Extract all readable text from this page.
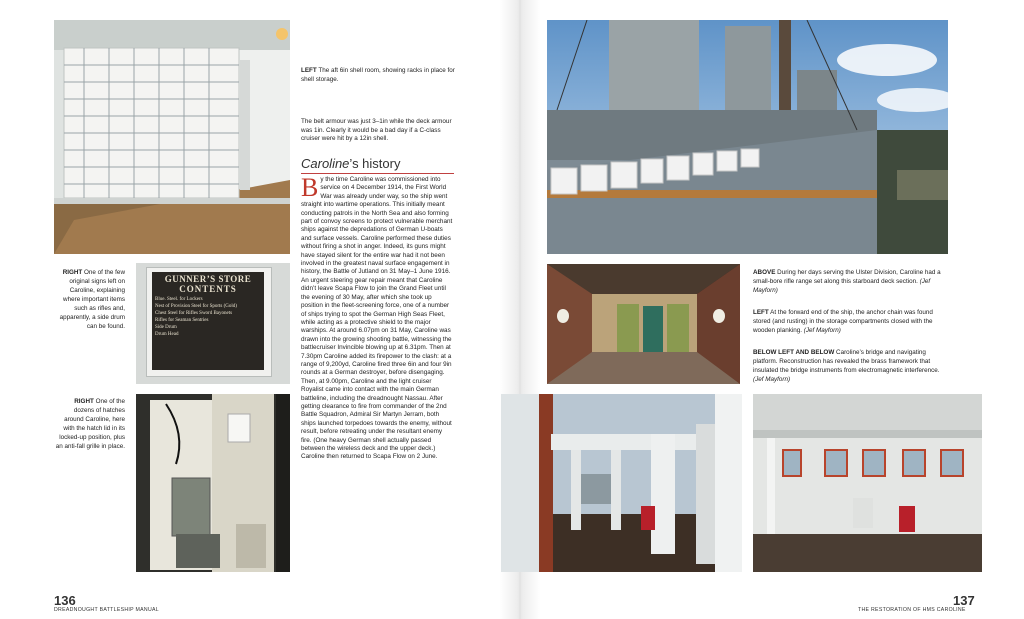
LEFT The aft 6in shell room, showing racks in place for shell storage.
The belt armour was just 3–1in while the deck armour was 1in. Clearly it would be a bad day if a C-class cruiser were hit by a 12in shell.
Caroline’s history
By the time Caroline was commissioned into service on 4 December 1914, the First World War was already under way, so the ship went straight into wartime operations. This initially meant conducting patrols in the North Sea and also forming part of convoy screens to protect vulnerable merchant ships against the depredations of German U-boats and surface vessels. Caroline performed these duties without firing a shot in anger. Indeed, its guns might have stayed silent for the entire war had it not been involved in the greatest naval surface engagement in history, the Battle of Jutland on 31 May–1 June 1916. An urgent steering gear repair meant that Caroline didn’t leave Scapa Flow to join the Grand Fleet until the evening of 30 May, after which she took up position in the fleet-screening force, one of a number of ships trying to spot the German High Seas Fleet, while acting as a protective shield to the major warships. At around 6.07pm on 31 May, Caroline was drawn into the growing shooting battle, witnessing the battlecruiser Invincible blowing up at 6.31pm. Then at 7.30pm Caroline added its firepower to the clash: at a range of 9,200yd, Caroline fired three 6in and four 9in rounds at a German destroyer, before disengaging. Then, at 9.00pm, Caroline and the light cruiser Royalist came into contact with the main German battleline, including the dreadnought Nassau. After getting clearance to fire from commander of the 2nd Battle Squadron, Admiral Sir Martyn Jerram, both ships launched torpedoes towards the enemy, without result, before retreating under the resultant enemy fire. (One heavy German shell actually passed between the wireless deck and the upper deck.) Caroline then returned to Scapa Flow on 2 June.
RIGHT One of the few original signs left on Caroline, explaining where important items such as rifles and, apparently, a side drum can be found.
GUNNER’S STORE
CONTENTS
Blue. Steel. for Lockers
Nest of Provision Steel for Sports (Gold)
Chest Steel for Rifles Sword Bayonets
Rifles for Seaman Sentries
Side Drum
Drum Head
RIGHT One of the dozens of hatches around Caroline, here with the hatch lid in its locked-up position, plus an anti-fall grille in place.
136
DREADNOUGHT BATTLESHIP MANUAL
ABOVE During her days serving the Ulster Division, Caroline had a small-bore rifle range set along this starboard deck section. (Jef Mayforn)
LEFT At the forward end of the ship, the anchor chain was found stored (and rusting) in the storage compartments closed with the wooden planking. (Jef Mayforn)
BELOW LEFT AND BELOW Caroline’s bridge and navigating platform. Reconstruction has revealed the brass framework that insulated the bridge instruments from electromagnetic interference. (Jef Mayforn)
137
THE RESTORATION OF HMS CAROLINE
